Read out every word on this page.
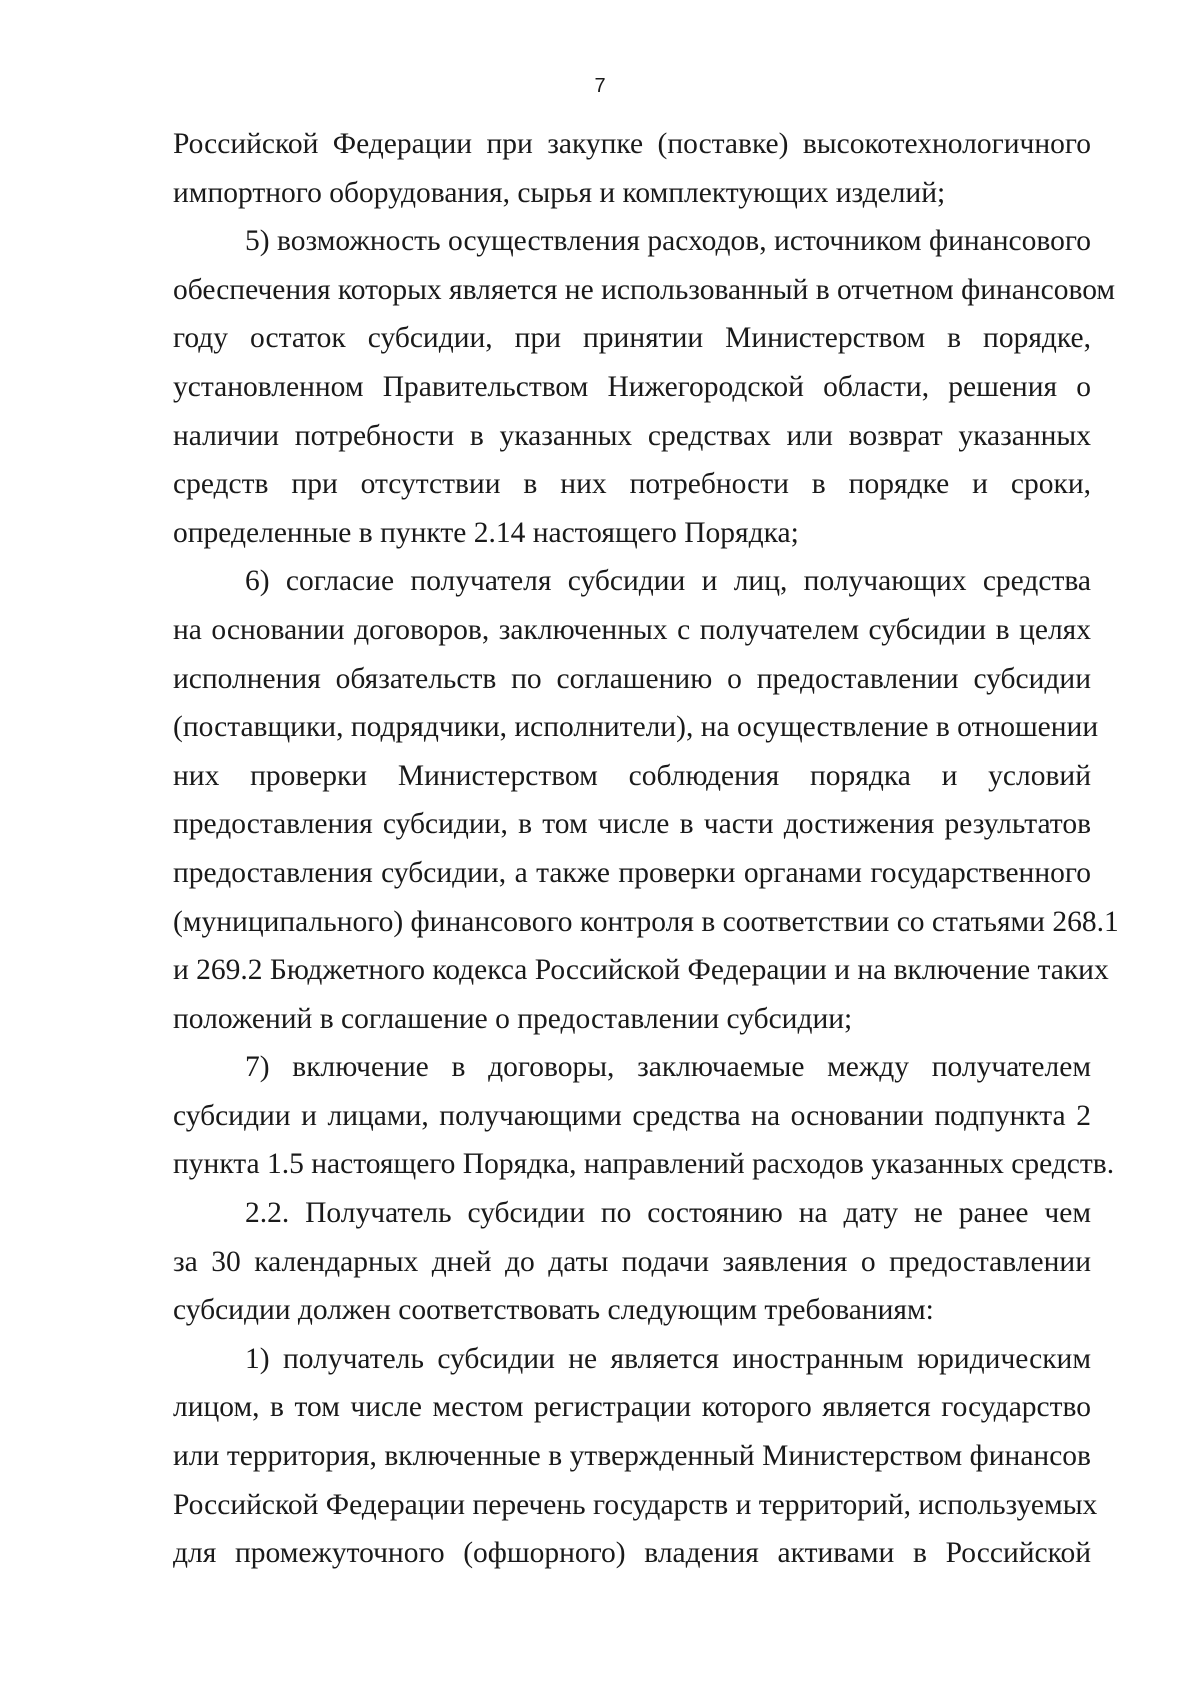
7
Российской Федерации при закупке (поставке) высокотехнологичного
импортного оборудования, сырья и комплектующих изделий;
5) возможность осуществления расходов, источником финансового
обеспечения которых является не использованный в отчетном финансовом
году остаток субсидии, при принятии Министерством в порядке,
установленном Правительством Нижегородской области, решения о
наличии потребности в указанных средствах или возврат указанных
средств при отсутствии в них потребности в порядке и сроки,
определенные в пункте 2.14 настоящего Порядка;
6) согласие получателя субсидии и лиц, получающих средства
на основании договоров, заключенных с получателем субсидии в целях
исполнения обязательств по соглашению о предоставлении субсидии
(поставщики, подрядчики, исполнители), на осуществление в отношении
них проверки Министерством соблюдения порядка и условий
предоставления субсидии, в том числе в части достижения результатов
предоставления субсидии, а также проверки органами государственного
(муниципального) финансового контроля в соответствии со статьями 268.1
и 269.2 Бюджетного кодекса Российской Федерации и на включение таких
положений в соглашение о предоставлении субсидии;
7) включение в договоры, заключаемые между получателем
субсидии и лицами, получающими средства на основании подпункта 2
пункта 1.5 настоящего Порядка, направлений расходов указанных средств.
2.2. Получатель субсидии по состоянию на дату не ранее чем
за 30 календарных дней до даты подачи заявления о предоставлении
субсидии должен соответствовать следующим требованиям:
1) получатель субсидии не является иностранным юридическим
лицом, в том числе местом регистрации которого является государство
или территория, включенные в утвержденный Министерством финансов
Российской Федерации перечень государств и территорий, используемых
для промежуточного (офшорного) владения активами в Российской
